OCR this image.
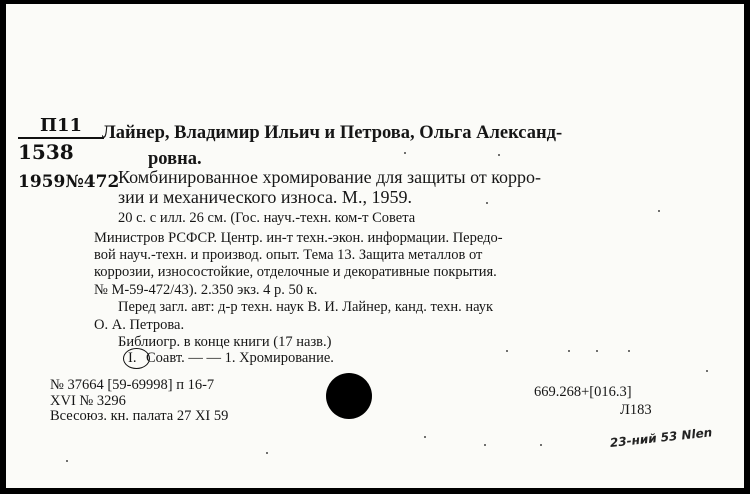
П11
1538
1959№472
Лайнер, Владимир Ильич и Петрова, Ольга Александ-
ровна.
Комбинированное хромирование для защиты от корро-
зии и механического износа. М., 1959.
20 с. с илл. 26 см. (Гос. науч.-техн. ком-т Совета
Министров РСФСР. Центр. ин-т техн.-экон. информации. Передо-
вой науч.-техн. и производ. опыт. Тема 13. Защита металлов от
коррозии, износостойкие, отделочные и декоративные покрытия.
№ М-59-472/43). 2.350 экз. 4 р. 50 к.
Перед загл. авт: д-р техн. наук В. И. Лайнер, канд. техн. наук
О. А. Петрова.
Библиогр. в конце книги (17 назв.)
I. Соавт. — — 1. Хромирование.
№ 37664 [59-69998] п 16-7
XVI № 3296
Всесоюз. кн. палата 27 XI 59
669.268+[016.3]
Л183
23-ний 53 Nlen
